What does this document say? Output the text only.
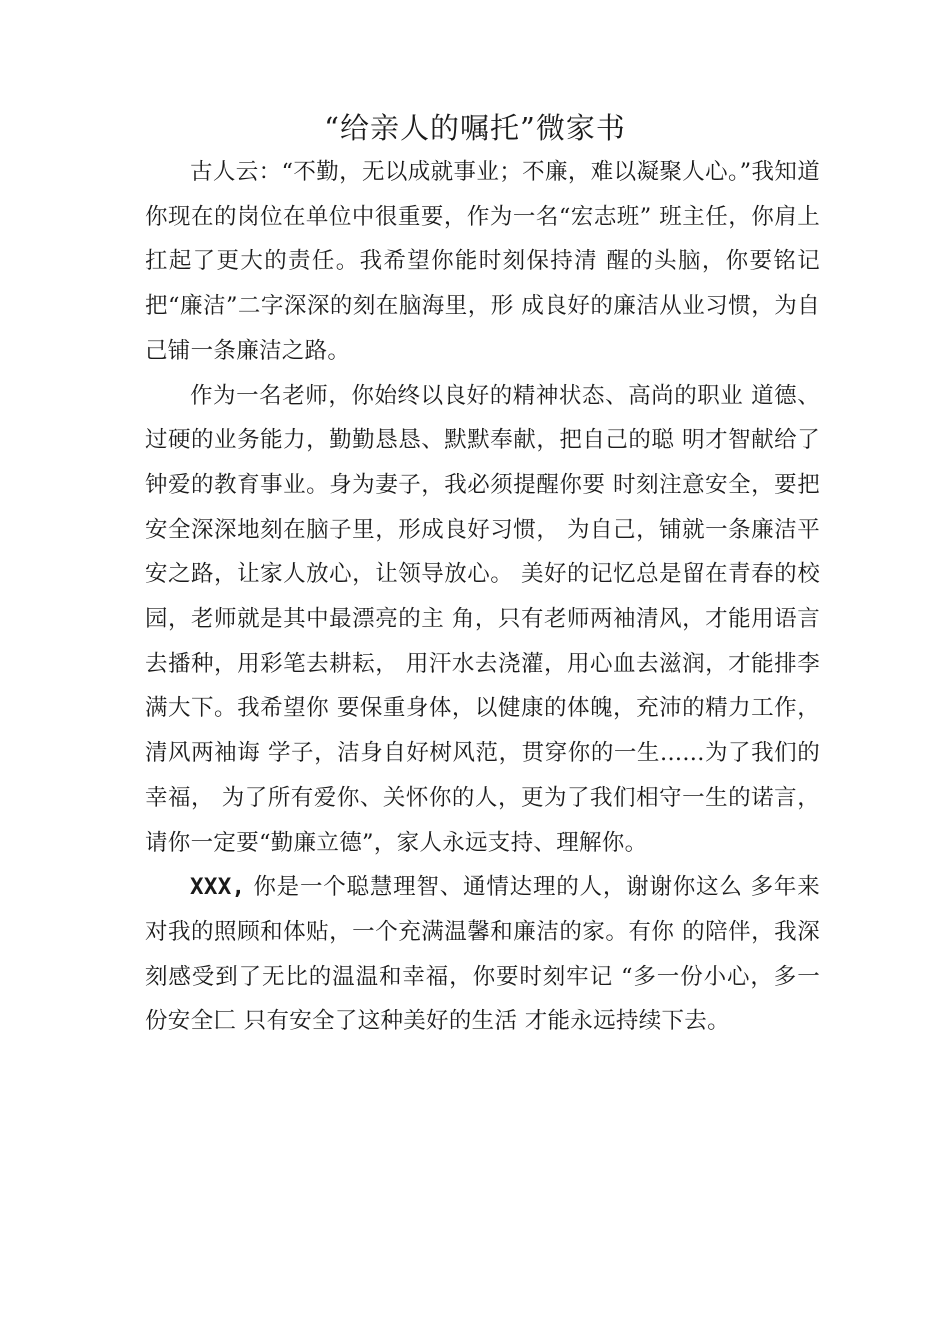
“给亲人的嘱托”微家书

古人云：“不勤，无以成就事业；不廉，难以凝聚人心。”我知道你现在的岗位在单位中很重要，作为一名“宏志班” 班主任，你肩上扛起了更大的责任。我希望你能时刻保持清 醒的头脑，你要铭记把“廉洁”二字深深的刻在脑海里，形 成良好的廉洁从业习惯，为自己铺一条廉洁之路。

作为一名老师，你始终以良好的精神状态、高尚的职业 道德、过硬的业务能力，勤勤恳恳、默默奉献，把自己的聪 明才智献给了钟爱的教育事业。身为妻子，我必须提醒你要 时刻注意安全，要把安全深深地刻在脑子里，形成良好习惯， 为自己，铺就一条廉洁平安之路，让家人放心，让领导放心。 美好的记忆总是留在青春的校园，老师就是其中最漂亮的主 角，只有老师两袖清风，才能用语言去播种，用彩笔去耕耘， 用汗水去浇灌，用心血去滋润，才能排李满大下。我希望你 要保重身体，以健康的体魄，充沛的精力工作，清风两袖诲 学子，洁身自好树风范，贯穿你的一生......为了我们的幸福， 为了所有爱你、关怀你的人，更为了我们相守一生的诺言， 请你一定要“勤廉立德”，家人永远支持、理解你。

XXX, 你是一个聪慧理智、通情达理的人，谢谢你这么 多年来对我的照顾和体贴，一个充满温馨和廉洁的家。有你 的陪伴，我深刻感受到了无比的温温和幸福，你要时刻牢记 “多一份小心，多一份安全匚 只有安全了这种美好的生活 才能永远持续下去。
